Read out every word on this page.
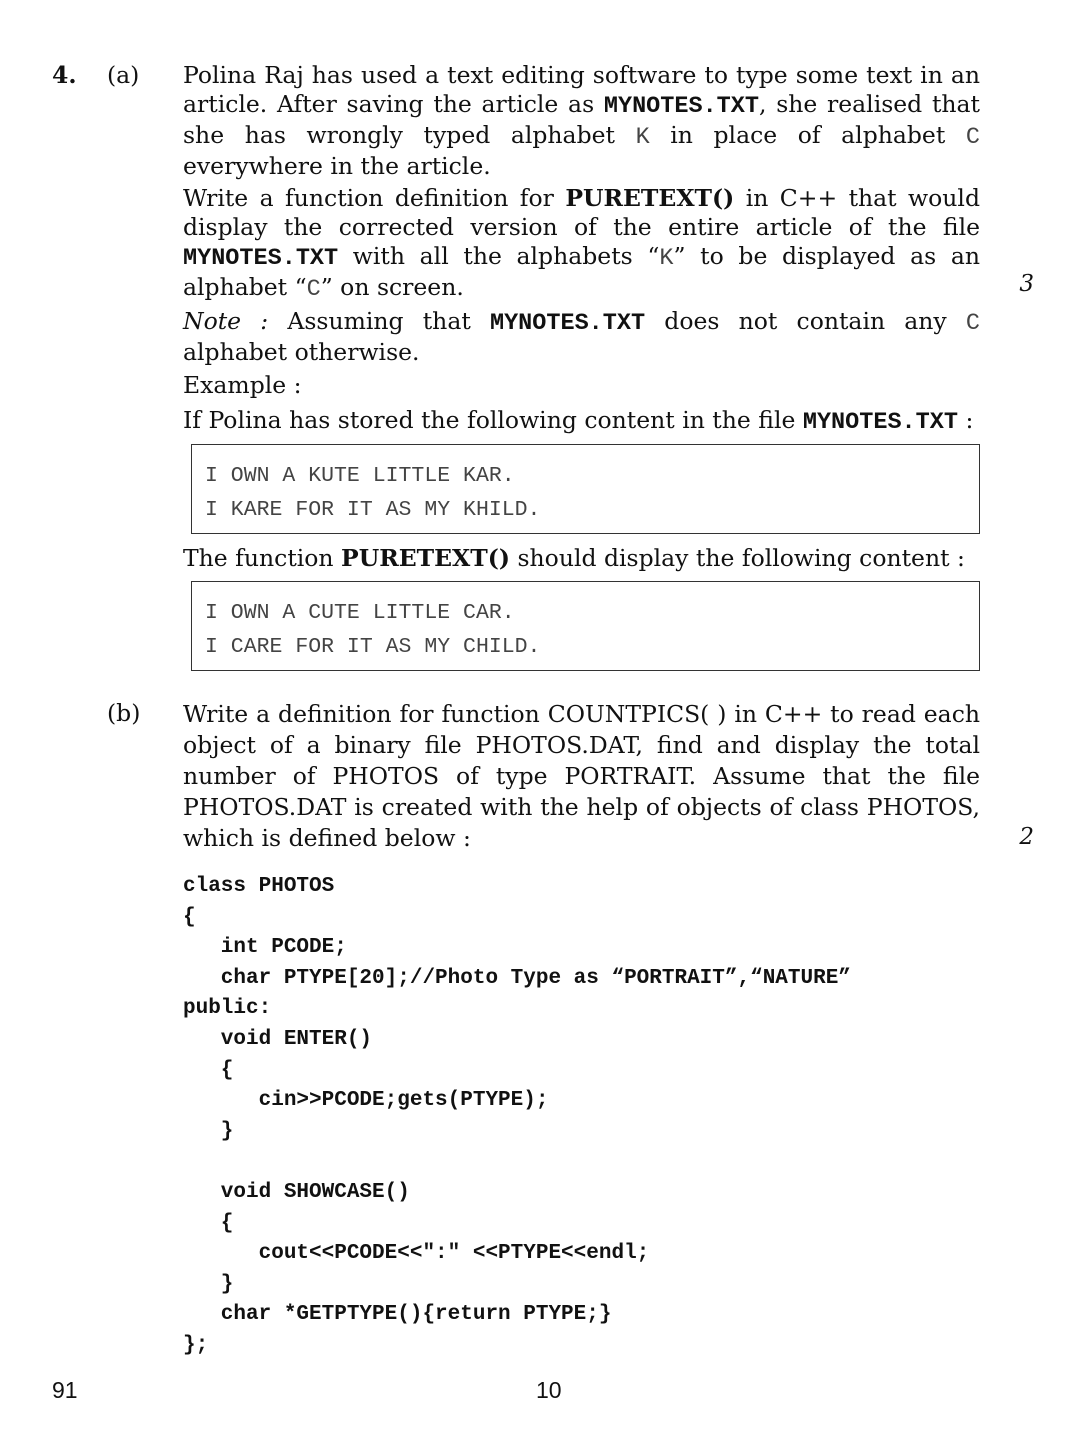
4. (a) Polina Raj has used a text editing software to type some text in an article. After saving the article as MYNOTES.TXT, she realised that she has wrongly typed alphabet K in place of alphabet C everywhere in the article.
Write a function definition for PURETEXT() in C++ that would display the corrected version of the entire article of the file MYNOTES.TXT with all the alphabets “K” to be displayed as an alphabet “C” on screen.	3
Note : Assuming that MYNOTES.TXT does not contain any C alphabet otherwise.
Example :
If Polina has stored the following content in the file MYNOTES.TXT :
I OWN A KUTE LITTLE KAR.
I KARE FOR IT AS MY KHILD.
The function PURETEXT() should display the following content :
I OWN A CUTE LITTLE CAR.
I CARE FOR IT AS MY CHILD.
(b) Write a definition for function COUNTPICS( ) in C++ to read each object of a binary file PHOTOS.DAT, find and display the total number of PHOTOS of type PORTRAIT. Assume that the file PHOTOS.DAT is created with the help of objects of class PHOTOS, which is defined below :	2
class PHOTOS
{
int PCODE;
char PTYPE[20];//Photo Type as “PORTRAIT”,“NATURE”
public:
void ENTER()
{
cin>>PCODE;gets(PTYPE);
}
void SHOWCASE()
{
cout<<PCODE<<":" <<PTYPE<<endl;
}
char *GETPTYPE(){return PTYPE;}
};
91	10
